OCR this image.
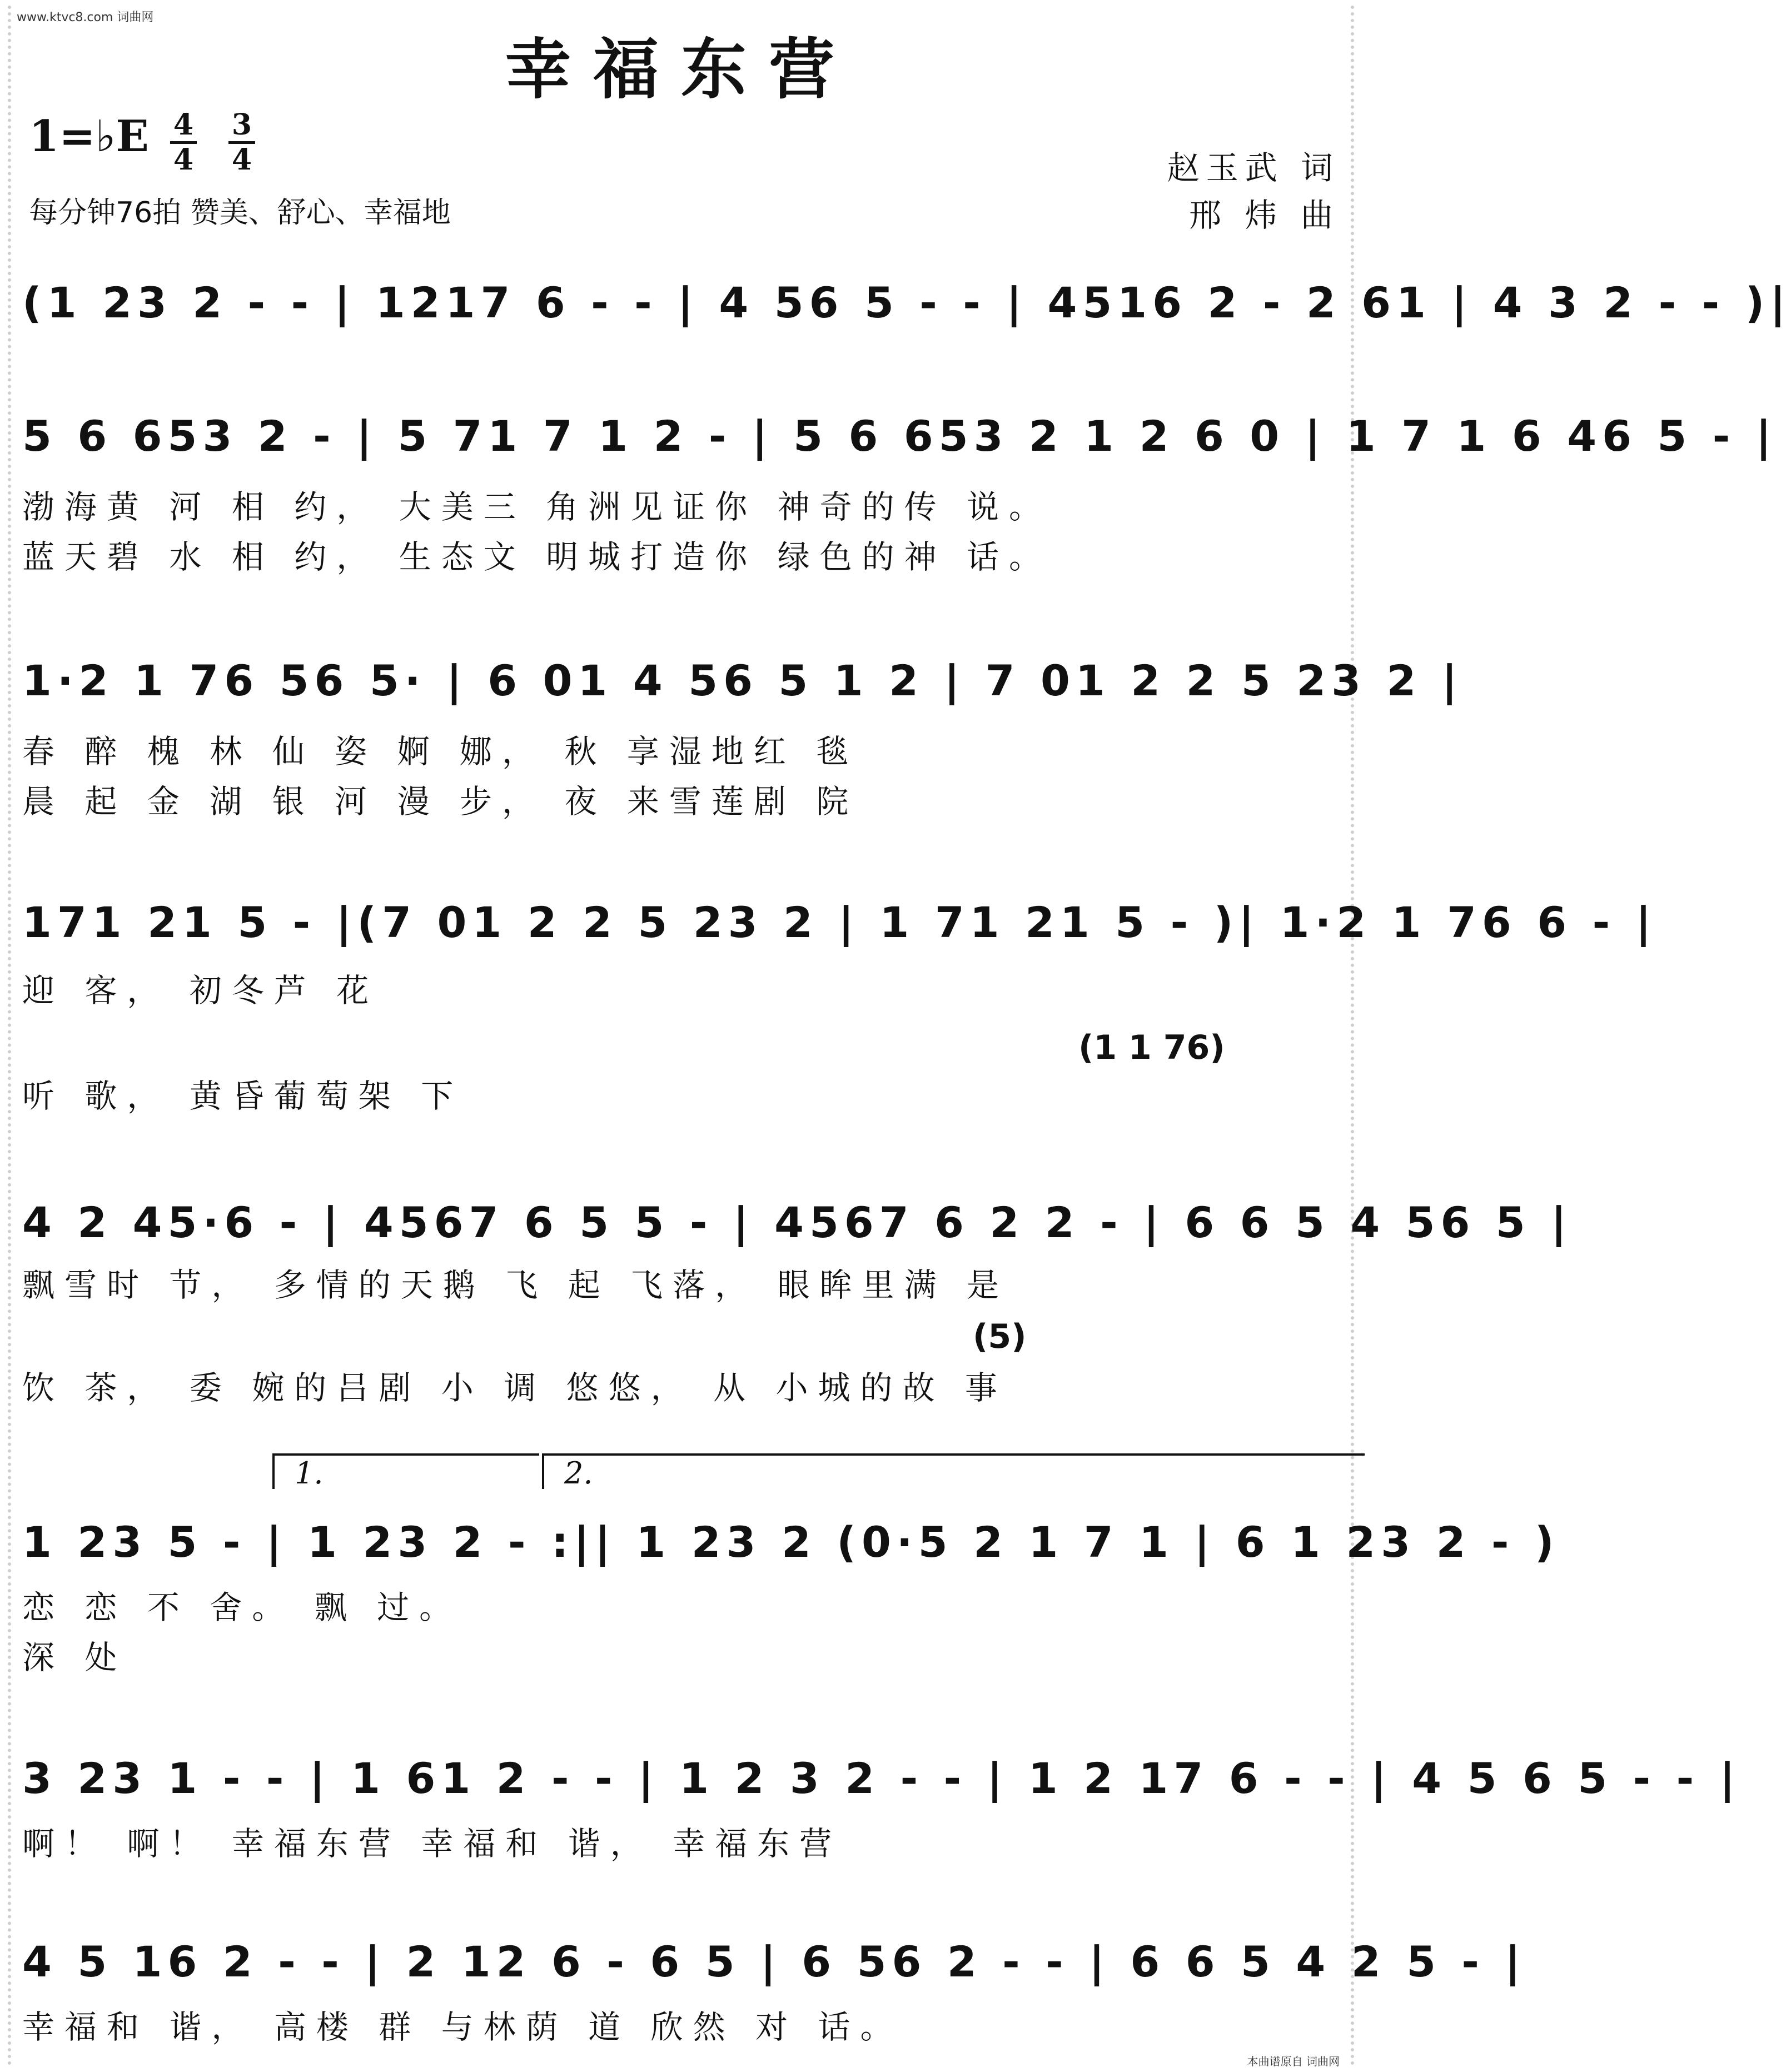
www.ktvc8.com 词曲网
本曲谱原自 词曲网
幸福东营
1=♭E 4
4
3
4
每分钟76拍 赞美、舒心、幸福地
赵玉武 词
邢 炜 曲
(1 23 2 - - | 1217 6 - - | 4 56 5 - - | 4516 2 - 2 61 | 4 3 2 - - )|
5 6 653 2 - | 5 71 7 1 2 - | 5 6 653 2 1 2 6 0 | 1 7 1 6 46 5 - |
渤海黄 河 相 约， 大美三 角洲见证你 神奇的传 说。
蓝天碧 水 相 约， 生态文 明城打造你 绿色的神 话。
1·2 1 76 56 5· | 6 01 4 56 5 1 2 | 7 01 2 2 5 23 2 |
春 醉 槐 林 仙 姿 婀 娜， 秋 享湿地红 毯
晨 起 金 湖 银 河 漫 步， 夜 来雪莲剧 院
171 21 5 - |(7 01 2 2 5 23 2 | 1 71 21 5 - )| 1·2 1 76 6 - |
迎 客， 初冬芦 花
(1 1 76)
听 歌， 黄昏葡萄架 下
4 2 45·6 - | 4567 6 5 5 - | 4567 6 2 2 - | 6 6 5 4 56 5 |
飘雪时 节， 多情的天鹅 飞 起 飞落， 眼眸里满 是
(5)
饮 茶， 委 婉的吕剧 小 调 悠悠， 从 小城的故 事
1.	2.
1 23 5 - | 1 23 2 - :|| 1 23 2 (0·5 2 1 7 1 | 6 1 23 2 - )
恋 恋 不 舍。 飘 过。
深 处
3 23 1 - - | 1 61 2 - - | 1 2 3 2 - - | 1 2 17 6 - - | 4 5 6 5 - - |
啊！ 啊！ 幸福东营 幸福和 谐， 幸福东营
4 5 16 2 - - | 2 12 6 - 6 5 | 6 56 2 - - | 6 6 5 4 2 5 - |
幸福和 谐， 高楼 群 与林荫 道 欣然 对 话。
